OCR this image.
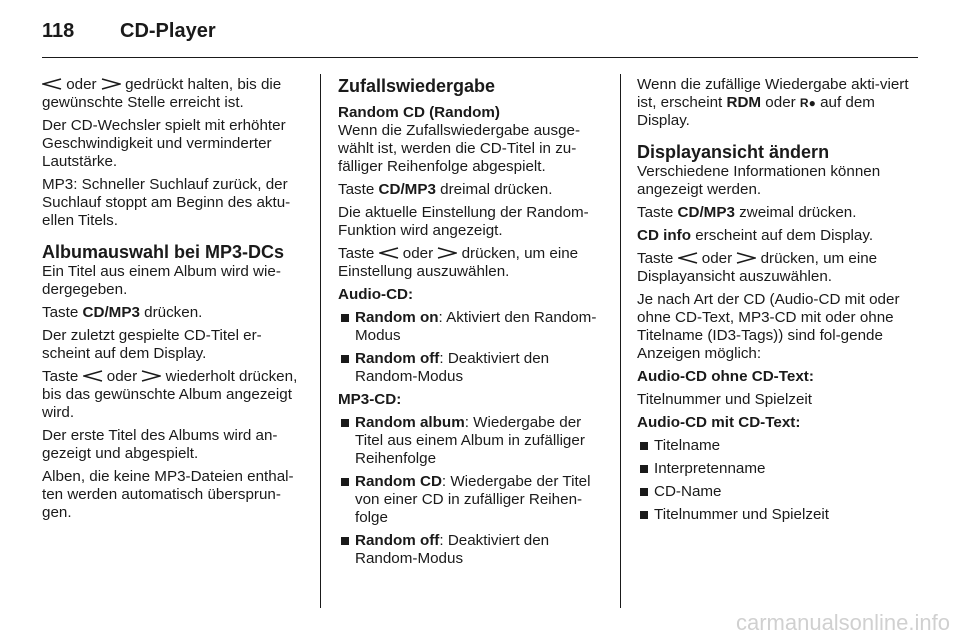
118 CD-Player

oder  gedrückt halten, bis die gewünschte Stelle erreicht ist.

Der CD-Wechsler spielt mit erhöhter Geschwindigkeit und verminderter Lautstärke.

MP3: Schneller Suchlauf zurück, der Suchlauf stoppt am Beginn des aktu-ellen Titels.

Albumauswahl bei MP3-DCs

Ein Titel aus einem Album wird wie-dergegeben.

Taste CD/MP3 drücken.

Der zuletzt gespielte CD-Titel er-scheint auf dem Display.

Taste  oder  wiederholt drücken, bis das gewünschte Album angezeigt wird.

Der erste Titel des Albums wird an-gezeigt und abgespielt.

Alben, die keine MP3-Dateien enthal-ten werden automatisch übersprun-gen.

Zufallswiedergabe
Random CD (Random)

Wenn die Zufallswiedergabe ausge-wählt ist, werden die CD-Titel in zu-fälliger Reihenfolge abgespielt.

Taste CD/MP3 dreimal drücken.

Die aktuelle Einstellung der Random-Funktion wird angezeigt.

Taste  oder  drücken, um eine Einstellung auszuwählen.

Audio-CD:

Random on: Aktiviert den Random-Modus
Random off: Deaktiviert den Random-Modus

MP3-CD:

Random album: Wiedergabe der Titel aus einem Album in zufälliger Reihenfolge
Random CD: Wiedergabe der Titel von einer CD in zufälliger Reihen-folge
Random off: Deaktiviert den Random-Modus

Wenn die zufällige Wiedergabe akti-viert ist, erscheint RDM oder R● auf dem Display.

Displayansicht ändern

Verschiedene Informationen können angezeigt werden.

Taste CD/MP3 zweimal drücken.

CD info erscheint auf dem Display.

Taste  oder  drücken, um eine Displayansicht auszuwählen.

Je nach Art der CD (Audio-CD mit oder ohne CD-Text, MP3-CD mit oder ohne Titelname (ID3-Tags)) sind fol-gende Anzeigen möglich:

Audio-CD ohne CD-Text:

Titelnummer und Spielzeit

Audio-CD mit CD-Text:

Titelname
Interpretenname
CD-Name
Titelnummer und Spielzeit
carmanualsonline.info
